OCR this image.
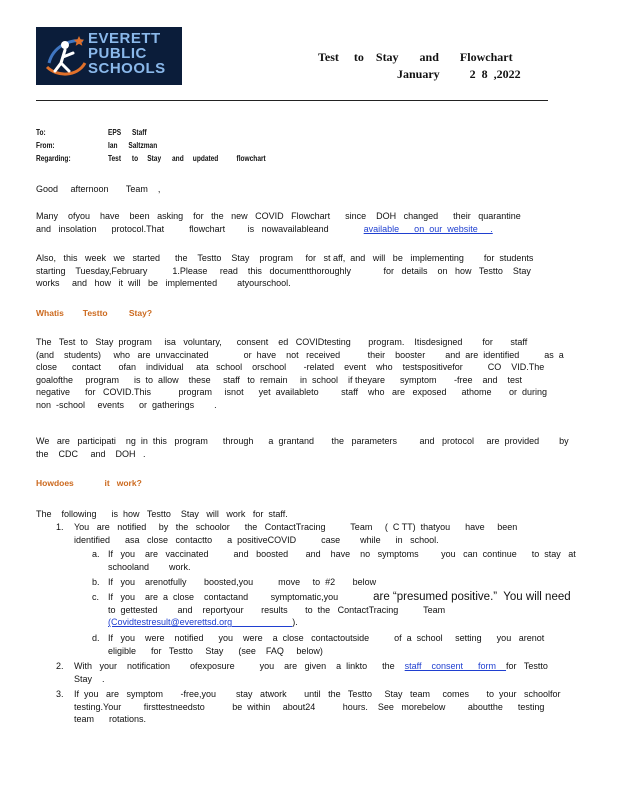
EVERETT
PUBLIC
SCHOOLS
Test     to    Stay       and       Flowchart
January          2  8  ,2022
To:	EPS      Staff
From:	Ian      Saltzman
Regarding:	Test      to     Stay      and     updated          flowchart
Good     afternoon       Team    ,
Many    ofyou    have    been   asking    for   the   new   COVID   Flowchart      since    DOH   changed      their   quarantine
and   insolation      protocol.That          flowchart         is   nowavailableand              available      on  our  website     .
Also,   this   week   we   started      the    Testto    Stay    program     for   st aff,  and   will   be   implementing        for  students
starting    Tuesday,February          1.Please     read    this   documentthoroughly             for   details    on   how   Testto    Stay
works     and   how   it  will   be   implemented        atyourschool.
Whatis        Testto         Stay?
The   Test  to   Stay  program     isa   voluntary,      consent    ed   COVIDtesting       program.    Itisdesigned        for       staff
(and    students)     who   are  unvaccinated              or  have    not   received           their    booster        and  are  identified          as  a
close      contact       ofan    individual     ata   school    orschool       -related    event    who    testspositivefor          CO    VID.The
goalofthe     program      is  to  allow    these     staff   to  remain     in  school    if theyare      symptom       -free    and    test
negative      for   COVID.This           program     isnot      yet  availableto         staff    who   are   exposed      athome       or  during
non  -school     events      or  gatherings        .
We   are   participati    ng  in  this   program      through      a  grantand       the   parameters         and   protocol     are  provided        by
the    CDC     and    DOH   .
Howdoes             it   work?
The    following      is  how   Testto    Stay   will   work   for  staff.
1. You   are   notified     by   the   schoolor      the   ContactTracing          Team     (  C TT)  thatyou      have     been
identified      asa   close   contactto      a  positiveCOVID          case        while      in   school.
a. If   you    are   vaccinated          and   boosted       and    have    no   symptoms         you   can  continue      to  stay   at
schooland        work.
b. If   you    arenotfully       boosted,you          move     to  #2       below
c. If   you    are  a  close    contactand         symptomatic,you              are “presumed positive.”  You will need
to  gettested        and    reportyour       results       to  the   ContactTracing          Team
(Covidtestresult@everettsd.org                        ).
d. If   you    were    notified      you    were    a  close   contactoutside          of  a  school     setting      you   arenot
eligible      for   Testto     Stay      (see    FAQ     below)
2. With   your    notification        ofexposure          you    are   given    a  linkto      the    staff    consent      form    for   Testto
Stay    .
3. If  you   are   symptom       -free,you        stay   atwork       until   the   Testto     Stay   team     comes       to  your   schoolfor
testing.Your         firsttestneedsto           be  within     about24           hours.    See   morebelow         aboutthe      testing
team      rotations.
